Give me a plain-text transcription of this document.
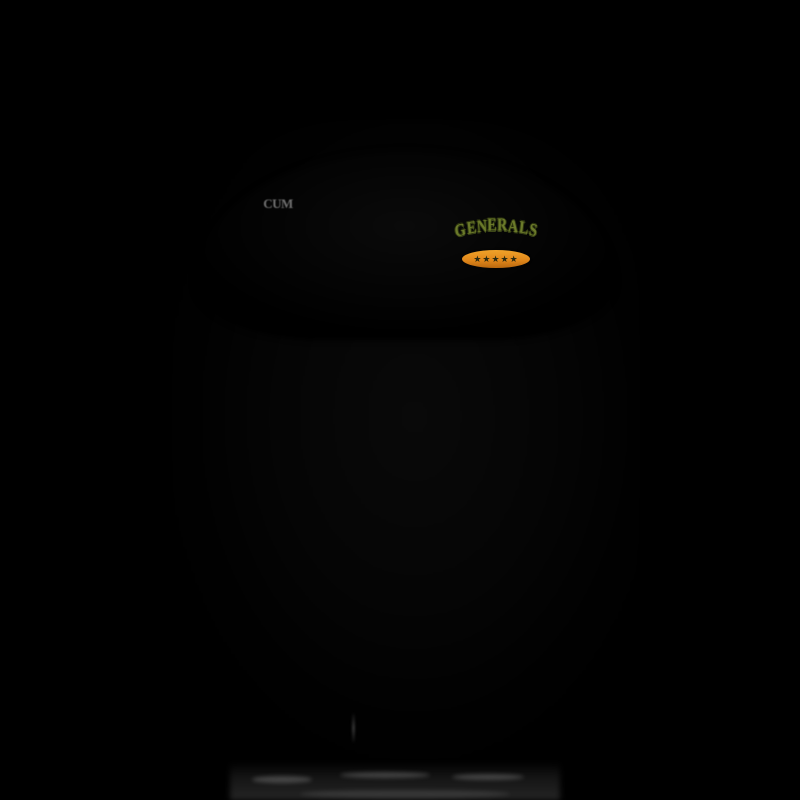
CUM
GENERALS
★★★★★
